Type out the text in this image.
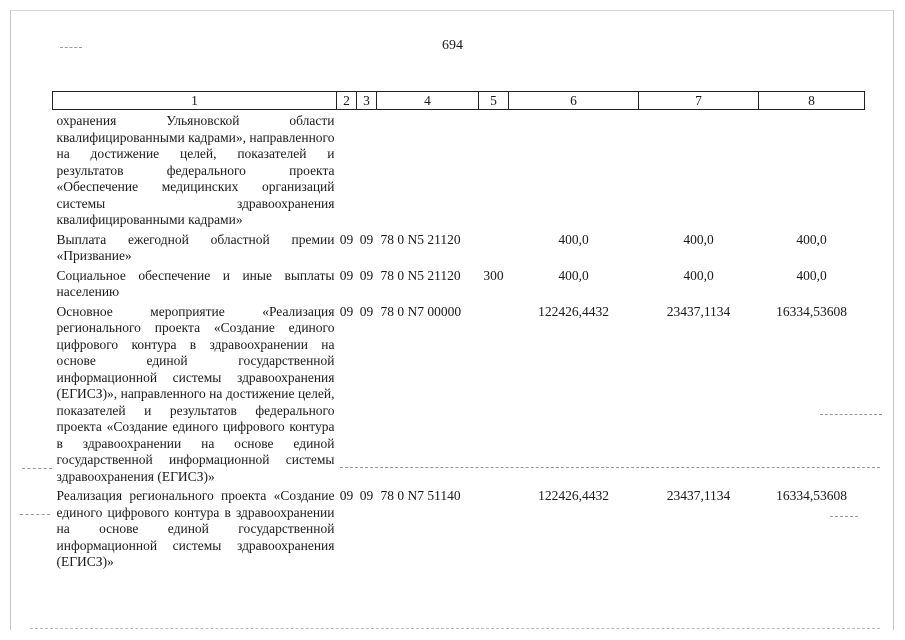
694
1	2	3	4	5	6	7	8
охранения Ульяновской области квалифицированными кадрами», направленного на достижение целей, показателей и результатов федерального проекта «Обеспечение медицинских организаций системы здравоохранения квалифицированными кадрами»							
Выплата ежегодной областной премии «Призвание»	09	09	78 0 N5 21120		400,0	400,0	400,0
Социальное обеспечение и иные выплаты населению	09	09	78 0 N5 21120	300	400,0	400,0	400,0
Основное мероприятие «Реализация регионального проекта «Создание единого цифрового контура в здравоохранении на основе единой государственной информационной системы здравоохранения (ЕГИСЗ)», направленного на достижение целей, показателей и результатов федерального проекта «Создание единого цифрового контура в здравоохранении на основе единой государственной информационной системы здравоохранения (ЕГИСЗ)»	09	09	78 0 N7 00000		122426,4432	23437,1134	16334,53608
Реализация регионального проекта «Создание единого цифрового контура в здравоохранении на основе единой государственной информационной системы здравоохранения (ЕГИСЗ)»	09	09	78 0 N7 51140		122426,4432	23437,1134	16334,53608
